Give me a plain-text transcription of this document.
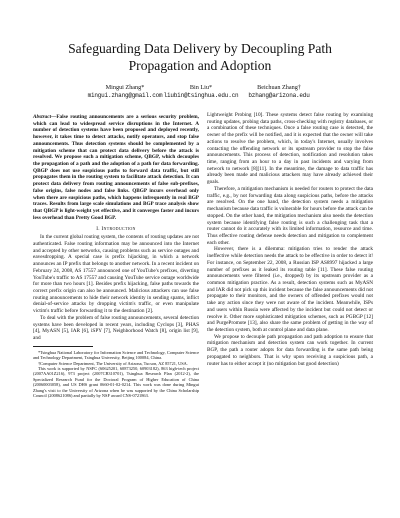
Safeguarding Data Delivery by Decoupling Path
Propagation and Adoption
Mingui Zhang*
mingui.zhang@gmail.com
Bin Liu*
liubin@tsinghua.edu.cn
Beichuan Zhang†
bzhang@arizona.edu

Abstract—False routing announcements are a serious security problem, which can lead to widespread service disruptions in the Internet. A number of detection systems have been proposed and deployed recently, however, it takes time to detect attacks, notify operators, and stop false announcements. Thus detection systems should be complemented by a mitigation scheme that can protect data delivery before the attack is resolved. We propose such a mitigation scheme, QBGP, which decouples the propagation of a path and the adoption of a path for data forwarding. QBGP does not use suspicious paths to forward data traffic, but still propagates them in the routing system to facilitate attack detection. It can protect data delivery from routing announcements of false sub-prefixes, false origins, false nodes and false links. QBGP incurs overhead only when there are suspicious paths, which happens infrequently in real BGP traces. Results from large scale simulations and BGP trace analysis show that QBGP is light-weight yet effective, and it converges faster and incurs less overhead than Pretty Good BGP.

I. Introduction

In the current global routing system, the contents of routing updates are not authenticated. False routing information may be announced into the Internet and accepted by other networks, causing problems such as service outages and eavesdropping. A special case is prefix hijacking, in which a network announces an IP prefix that belongs to another network. In a recent incident on February 24, 2008, AS 17557 announced one of YouTube's prefixes, diverting YouTube's traffic to AS 17557 and causing YouTube service outage worldwide for more than two hours [1]. Besides prefix hijacking, false paths towards the correct prefix origin can also be announced. Malicious attackers can use false routing announcements to hide their network identity in sending spams, inflict denial-of-service attacks by dropping victim's traffic, or even manipulate victim's traffic before forwarding it to the destination [2].

To deal with the problem of false routing announcements, several detection systems have been developed in recent years, including Cyclops [3], PHAS [4], MyASN [5], IAR [6], iSPY [7], Neighborhood Watch [8], origin list [9], and

*Tsinghua National Laboratory for Information Science and Technology, Computer Science and Technology Department, Tsinghua University, Beijing 100084, China.

†Computer Science Department, The University of Arizona, Tucson, AZ 85721, USA.

This work is supported by NSFC (60625201, 60873250, 60903182), 863 high-tech project (2007AA01Z216), 973 project (2007CB310701), Tsinghua Research Plan (2012-2), the Specialized Research Fund for the Doctoral Program of Higher Education of China (20060003058), and US DHS grant 0660-01-02-0214. This work was done during Mingui Zhang's visit to the University of Arizona when he was supported by the China Scholarship Council (2008621086) and partially by NSF award CNS-0721863.

Lightweight Probing [10]. These systems detect false routing by examining routing updates, probing data paths, cross-checking with registry databases, or a combination of these techniques. Once a false routing case is detected, the owner of the prefix will be notified, and it is expected that the owner will take actions to resolve the problem, which, in today's Internet, usually involves contacting the offending network or its upstream provider to stop the false announcements. This process of detection, notification and resolution takes time, ranging from an hour to a day in past incidents and varying from network to network [8][11]. In the meantime, the damage to data traffic has already been made and malicious attackers may have already achieved their goals.

Therefore, a mitigation mechanism is needed for routers to protect the data traffic, e.g., by not forwarding data along suspicious paths, before the attacks are resolved. On the one hand, the detection system needs a mitigation mechanism because data traffic is vulnerable for hours before the attack can be stopped. On the other hand, the mitigation mechanism also needs the detection system because identifying false routing is such a challenging task that a router cannot do it accurately with its limited information, resource and time. Thus effective routing defense needs detection and mitigation to complement each other.

However, there is a dilemma: mitigation tries to render the attack ineffective while detection needs the attack to be effective in order to detect it! For instance, on September 22, 2008, a Russian ISP AS8997 hijacked a large number of prefixes as it leaked its routing table [11]. These false routing announcements were filtered (i.e., dropped) by its upstream provider as a common mitigation practice. As a result, detection systems such as MyASN and IAR did not pick up this incident because the false announcements did not propagate to their monitors, and the owners of offended prefixes would not take any action since they were not aware of the incident. Meanwhile, ISPs and users within Russia were affected by the incident but could not detect or resolve it. Other more sophisticated mitigation schemes, such as PGBGP [12] and PurgePromote [13], also share the same problem of getting in the way of the detection system, both at control plane and data plane.

We propose to decouple path propagation and path adoption to ensure that mitigation mechanism and detection system can work together. In current BGP, the path a router adopts for data forwarding is the same path being propagated to neighbors. That is why upon receiving a suspicious path, a router has to either accept it (no mitigation but good detection)
